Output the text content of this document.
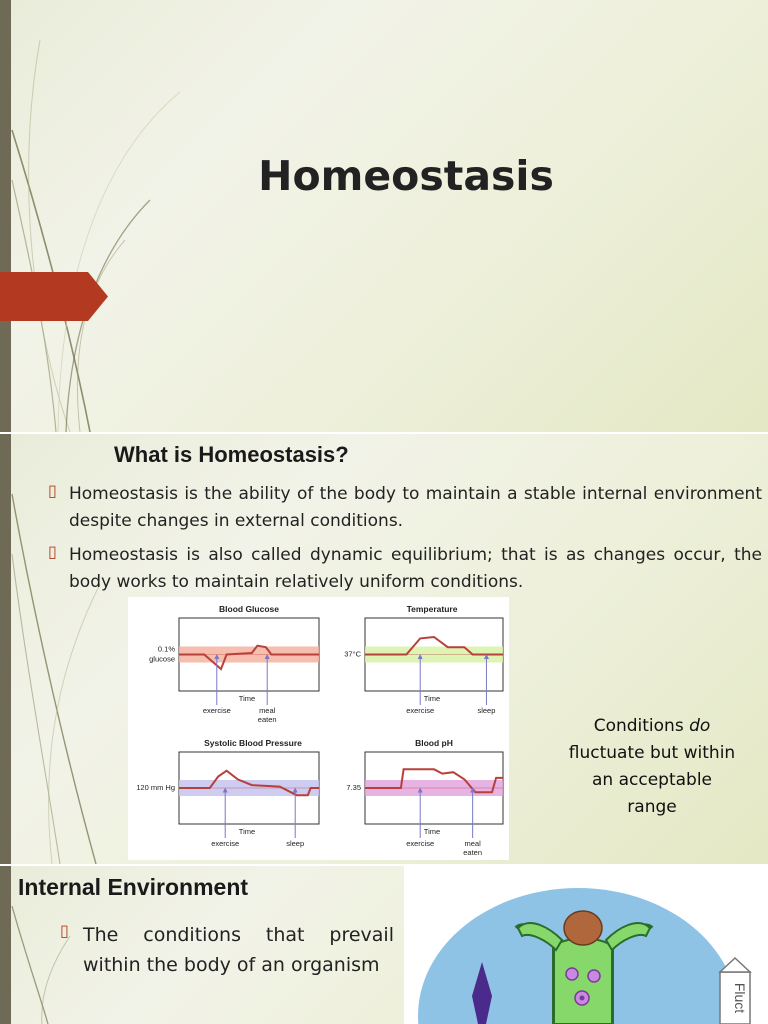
Homeostasis
What is Homeostasis?
▯ Homeostasis is the ability of the body to maintain a stable internal environment despite changes in external conditions.
▯ Homeostasis is also called dynamic equilibrium; that is as changes occur, the body works to maintain relatively uniform conditions.
Blood Glucose
0.1%
glucose
Time
exercise	meal
eaten
Temperature
37°C
Time
exercise	sleep
Systolic Blood Pressure
120 mm Hg
Time
exercise	sleep
Blood pH
7.35
Time
exercise	meal
eaten
Conditions do fluctuate but within an acceptable range
Internal Environment
▯ The conditions that prevail within the body of an organism
Fluct
